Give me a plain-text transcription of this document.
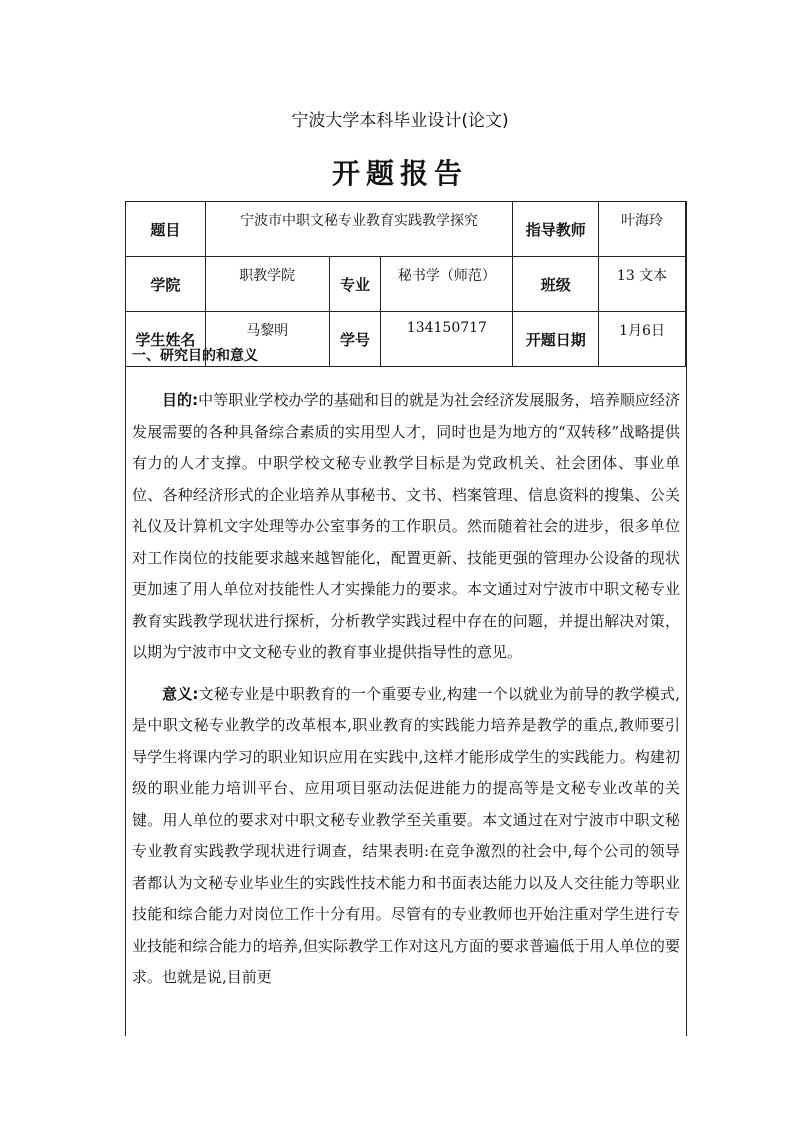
宁波大学本科毕业设计(论文)
开题报告
题目	宁波市中职文秘专业教育实践教学探究			指导教师	叶海玲
学院	职教学院	专业	秘书学（师范）	班级	13 文本
学生姓名	马黎明	学号	134150717	开题日期	1月6日
一、研究目的和意义

目的:中等职业学校办学的基础和目的就是为社会经济发展服务，培养顺应经济发展需要的各种具备综合素质的实用型人才，同时也是为地方的“双转移”战略提供有力的人才支撑。中职学校文秘专业教学目标是为党政机关、社会团体、事业单位、各种经济形式的企业培养从事秘书、文书、档案管理、信息资料的搜集、公关礼仪及计算机文字处理等办公室事务的工作职员。然而随着社会的进步，很多单位对工作岗位的技能要求越来越智能化，配置更新、技能更强的管理办公设备的现状更加速了用人单位对技能性人才实操能力的要求。本文通过对宁波市中职文秘专业教育实践教学现状进行探析，分析教学实践过程中存在的问题，并提出解决对策，以期为宁波市中文文秘专业的教育事业提供指导性的意见。

意义:文秘专业是中职教育的一个重要专业,构建一个以就业为前导的教学模式,是中职文秘专业教学的改革根本,职业教育的实践能力培养是教学的重点,教师要引导学生将课内学习的职业知识应用在实践中,这样才能形成学生的实践能力。构建初级的职业能力培训平台、应用项目驱动法促进能力的提高等是文秘专业改革的关键。用人单位的要求对中职文秘专业教学至关重要。本文通过在对宁波市中职文秘专业教育实践教学现状进行调查，结果表明:在竞争激烈的社会中,每个公司的领导者都认为文秘专业毕业生的实践性技术能力和书面表达能力以及人交往能力等职业技能和综合能力对岗位工作十分有用。尽管有的专业教师也开始注重对学生进行专业技能和综合能力的培养,但实际教学工作对这凡方面的要求普遍低于用人单位的要求。也就是说,目前更
